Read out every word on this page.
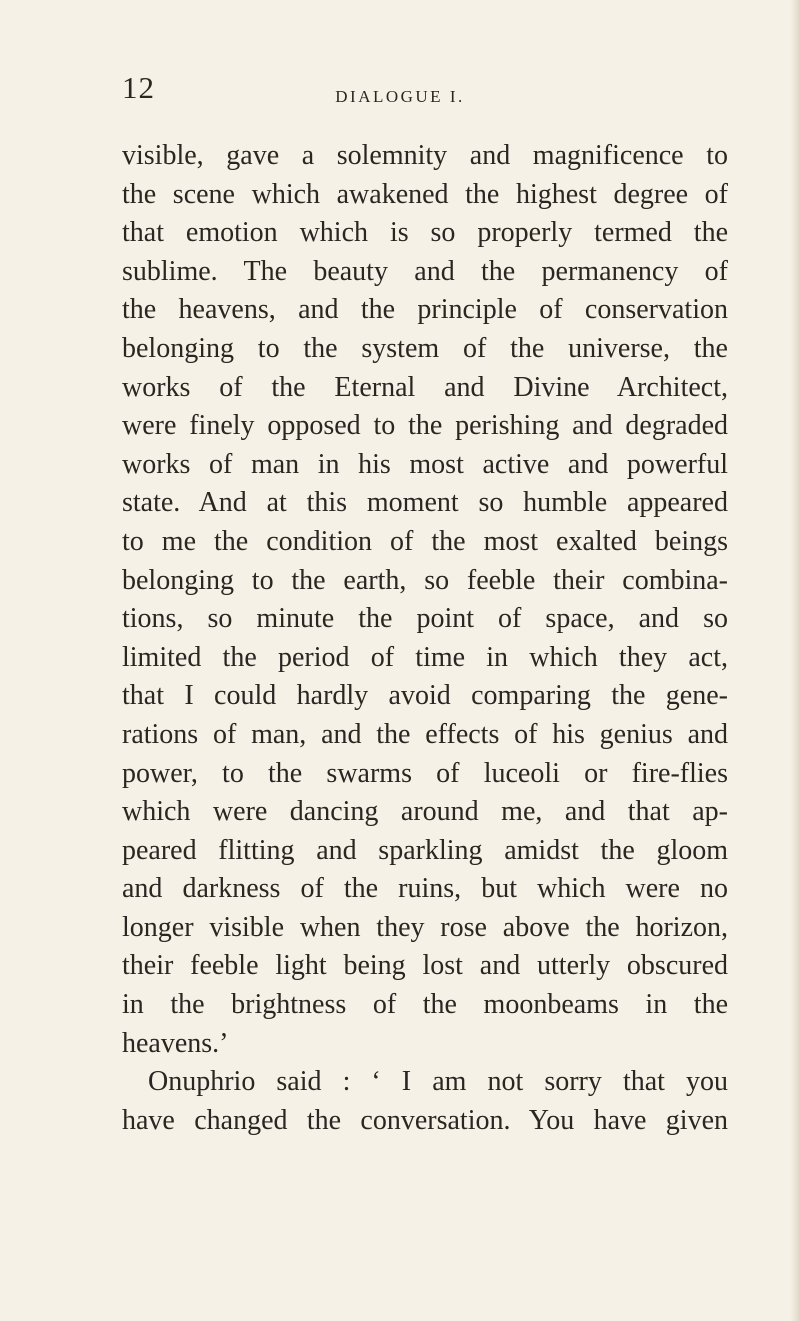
12	DIALOGUE I.
visible, gave a solemnity and magnificence to
the scene which awakened the highest degree of
that emotion which is so properly termed the
sublime. The beauty and the permanency of
the heavens, and the principle of conservation
belonging to the system of the universe, the
works of the Eternal and Divine Architect,
were finely opposed to the perishing and degraded
works of man in his most active and powerful
state. And at this moment so humble appeared
to me the condition of the most exalted beings
belonging to the earth, so feeble their combina-
tions, so minute the point of space, and so
limited the period of time in which they act,
that I could hardly avoid comparing the gene-
rations of man, and the effects of his genius and
power, to the swarms of luceoli or fire-flies
which were dancing around me, and that ap-
peared flitting and sparkling amidst the gloom
and darkness of the ruins, but which were no
longer visible when they rose above the horizon,
their feeble light being lost and utterly obscured
in the brightness of the moonbeams in the
heavens.’
Onuphrio said : ‘ I am not sorry that you
have changed the conversation. You have given
